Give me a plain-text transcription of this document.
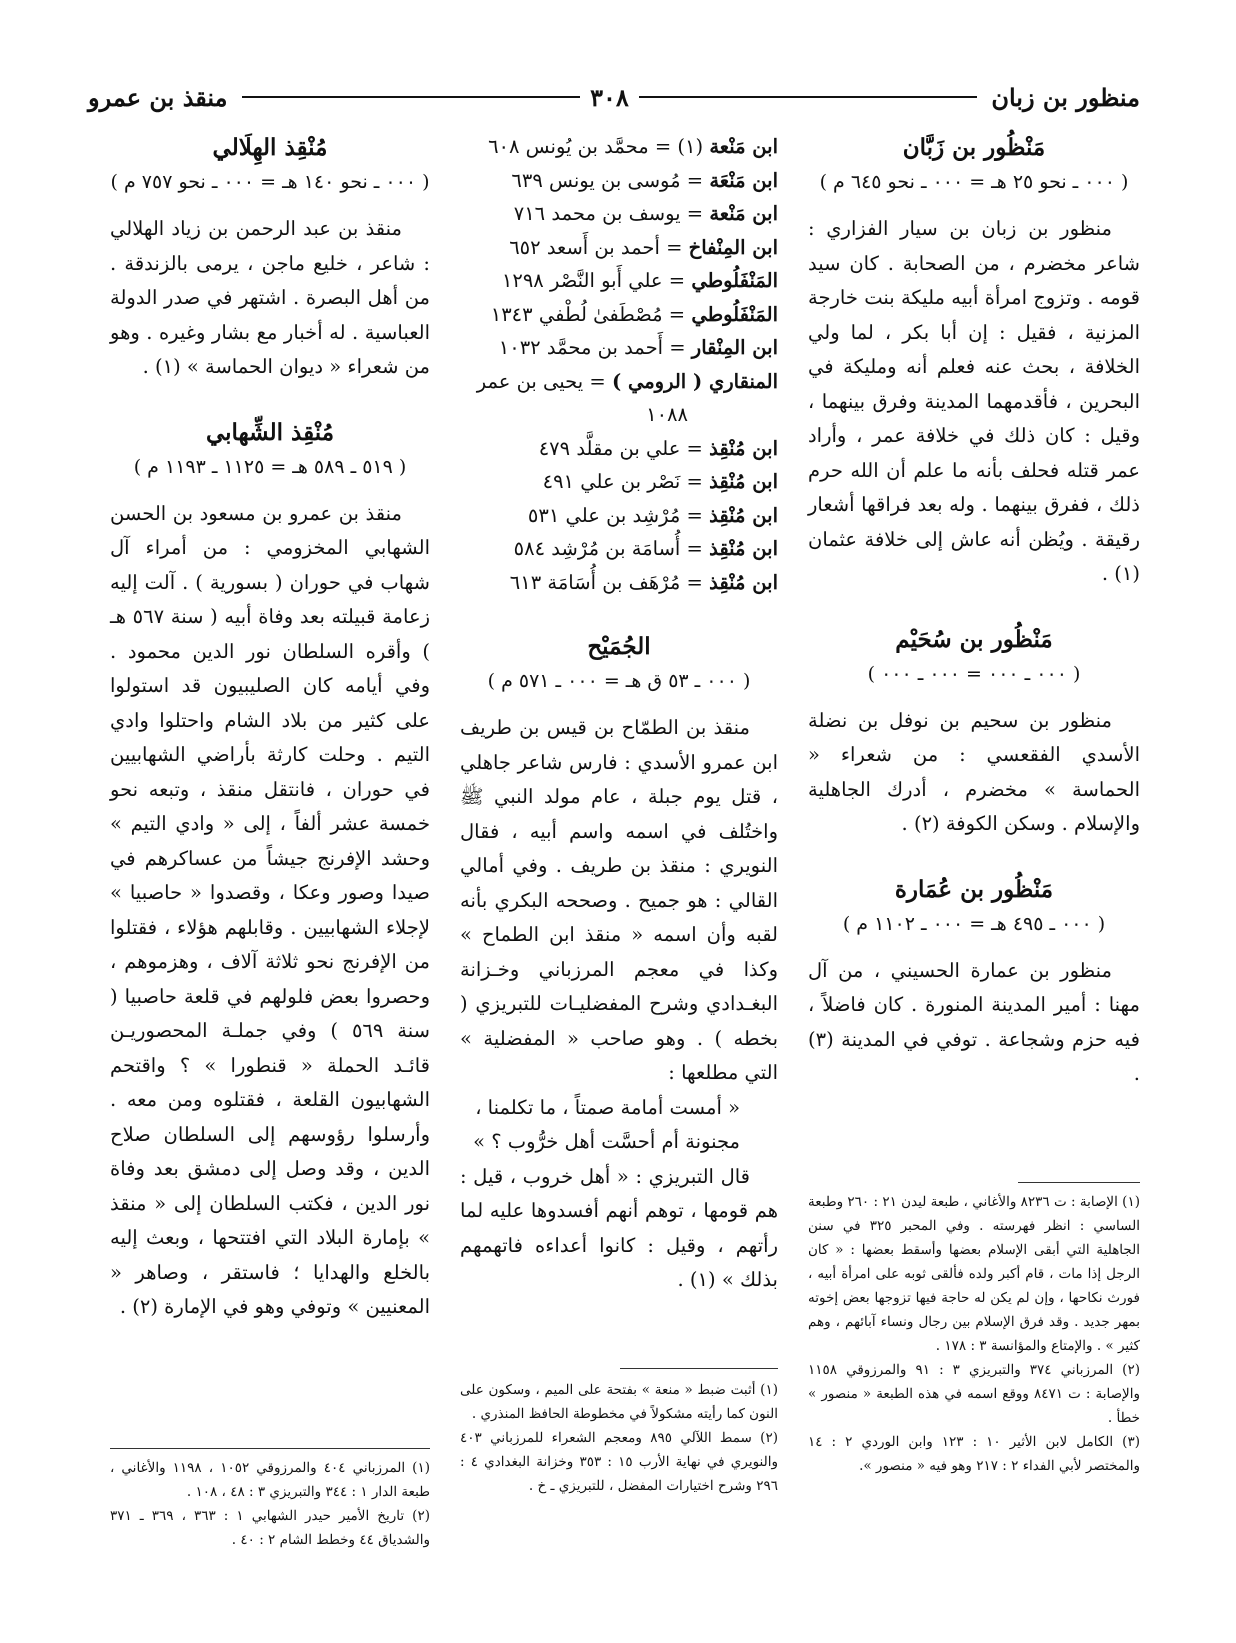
منظور بن زبان
٣٠٨
منقذ بن عمرو

مَنْظُور بن زَبَّان

( ٠٠٠ ـ نحو ٢٥ هـ = ٠٠٠ ـ نحو ٦٤٥ م )

منظور بن زبان بن سيار الفزاري : شاعر مخضرم ، من الصحابة . كان سيد قومه . وتزوج امرأة أبيه مليكة بنت خارجة المزنية ، فقيل : إن أبا بكر ، لما ولي الخلافة ، بحث عنه فعلم أنه ومليكة في البحرين ، فأقدمهما المدينة وفرق بينهما ، وقيل : كان ذلك في خلافة عمر ، وأراد عمر قتله فحلف بأنه ما علم أن الله حرم ذلك ، ففرق بينهما . وله بعد فراقها أشعار رقيقة . ويُظن أنه عاش إلى خلافة عثمان (١) .

مَنْظُور بن سُحَيْم

( ٠٠٠ ـ ٠٠٠ = ٠٠٠ ـ ٠٠٠ )

منظور بن سحيم بن نوفل بن نضلة الأسدي الفقعسي : من شعراء « الحماسة » مخضرم ، أدرك الجاهلية والإسلام . وسكن الكوفة (٢) .

مَنْظُور بن عُمَارة

( ٠٠٠ ـ ٤٩٥ هـ = ٠٠٠ ـ ١١٠٢ م )

منظور بن عمارة الحسيني ، من آل مهنا : أمير المدينة المنورة . كان فاضلاً ، فيه حزم وشجاعة . توفي في المدينة (٣) .

(١) الإصابة : ت ٨٢٣٦ والأغاني ، طبعة ليدن ٢١ : ٢٦٠ وطبعة الساسي : انظر فهرسته . وفي المحبر ٣٢٥ في سنن الجاهلية التي أبقى الإسلام بعضها وأسقط بعضها : « كان الرجل إذا مات ، قام أكبر ولده فألقى ثوبه على امرأة أبيه ، فورث نكاحها ، وإن لم يكن له حاجة فيها تزوجها بعض إخوته بمهر جديد . وقد فرق الإسلام بين رجال ونساء آبائهم ، وهم كثير » . والإمتاع والمؤانسة ٣ : ١٧٨ .

(٢) المرزباني ٣٧٤ والتبريزي ٣ : ٩١ والمرزوقي ١١٥٨ والإصابة : ت ٨٤٧١ ووقع اسمه في هذه الطبعة « منصور » خطأ .

(٣) الكامل لابن الأثير ١٠ : ١٢٣ وابن الوردي ٢ : ١٤ والمختصر لأبي الفداء ٢ : ٢١٧ وهو فيه « منصور ».

ابن مَنْعة (١) = محمَّد بن يُونس ٦٠٨

ابن مَنْعَة = مُوسى بن يونس ٦٣٩

ابن مَنْعة = يوسف بن محمد ٧١٦

ابن المِنْفاخ = أحمد بن أَسعد ٦٥٢

المَنْفَلُوطي = علي أَبو النَّصْر ١٢٩٨

المَنْفَلُوطي = مُصْطَفىٰ لُطْفي ١٣٤٣

ابن المِنْقار = أَحمد بن محمَّد ١٠٣٢

المنقاري ( الرومي ) = يحيى بن عمر

١٠٨٨

ابن مُنْقِذ = علي بن مقلَّد ٤٧٩

ابن مُنْقِذ = نَصْر بن علي ٤٩١

ابن مُنْقِذ = مُرْشِد بن علي ٥٣١

ابن مُنْقِذ = أُسامَة بن مُرْشِد ٥٨٤

ابن مُنْقِذ = مُرْهَف بن أُسَامَة ٦١٣

الجُمَيْح

( ٠٠٠ ـ ٥٣ ق هـ = ٠٠٠ ـ ٥٧١ م )

منقذ بن الطمّاح بن قيس بن طريف ابن عمرو الأسدي : فارس شاعر جاهلي ، قتل يوم جبلة ، عام مولد النبي ﷺ واختُلف في اسمه واسم أبيه ، فقال النويري : منقذ بن طريف . وفي أمالي القالي : هو جميح . وصححه البكري بأنه لقبه وأن اسمه « منقذ ابن الطماح » وكذا في معجم المرزباني وخـزانة البغـدادي وشرح المفضليـات للتبريزي ( بخطه ) . وهو صاحب « المفضلية » التي مطلعها :

« أمست أمامة صمتاً ، ما تكلمنا ،

مجنونة أم أحسَّت أهل خرُّوب ؟ »

قال التبريزي : « أهل خروب ، قيل : هم قومها ، توهم أنهم أفسدوها عليه لما رأتهم ، وقيل : كانوا أعداءه فاتهمهم بذلك » (١) .

(١) أثبت ضبط « منعة » بفتحة على الميم ، وسكون على النون كما رأيته مشكولاً في مخطوطة الحافظ المنذري .

(٢) سمط اللآلي ٨٩٥ ومعجم الشعراء للمرزباني ٤٠٣ والنويري في نهاية الأرب ١٥ : ٣٥٣ وخزانة البغدادي ٤ : ٢٩٦ وشرح اختيارات المفضل ، للتبريزي ـ خ .

مُنْقِذ الهِلَالي

( ٠٠٠ ـ نحو ١٤٠ هـ = ٠٠٠ ـ نحو ٧٥٧ م )

منقذ بن عبد الرحمن بن زياد الهلالي : شاعر ، خليع ماجن ، يرمى بالزندقة . من أهل البصرة . اشتهر في صدر الدولة العباسية . له أخبار مع بشار وغيره . وهو من شعراء « ديوان الحماسة » (١) .

مُنْقِذ الشِّهابي

( ٥١٩ ـ ٥٨٩ هـ = ١١٢٥ ـ ١١٩٣ م )

منقذ بن عمرو بن مسعود بن الحسن الشهابي المخزومي : من أمراء آل شهاب في حوران ( بسورية ) . آلت إليه زعامة قبيلته بعد وفاة أبيه ( سنة ٥٦٧ هـ ) وأقره السلطان نور الدين محمود . وفي أيامه كان الصليبيون قد استولوا على كثير من بلاد الشام واحتلوا وادي التيم . وحلت كارثة بأراضي الشهابيين في حوران ، فانتقل منقذ ، وتبعه نحو خمسة عشر ألفاً ، إلى « وادي التيم » وحشد الإفرنج جيشاً من عساكرهم في صيدا وصور وعكا ، وقصدوا « حاصبيا » لإجلاء الشهابيين . وقابلهم هؤلاء ، فقتلوا من الإفرنج نحو ثلاثة آلاف ، وهزموهم ، وحصروا بعض فلولهم في قلعة حاصبيا ( سنة ٥٦٩ ) وفي جملـة المحصوريـن قائـد الحملة « قنطورا » ؟ واقتحم الشهابيون القلعة ، فقتلوه ومن معه . وأرسلوا رؤوسهم إلى السلطان صلاح الدين ، وقد وصل إلى دمشق بعد وفاة نور الدين ، فكتب السلطان إلى « منقذ » بإمارة البلاد التي افتتحها ، وبعث إليه بالخلع والهدايا ؛ فاستقر ، وصاهر « المعنيين » وتوفي وهو في الإمارة (٢) .

(١) المرزباني ٤٠٤ والمرزوقي ١٠٥٢ ، ١١٩٨ والأغاني ، طبعة الدار ١ : ٣٤٤ والتبريزي ٣ : ٤٨ ، ١٠٨ .

(٢) تاريخ الأمير حيدر الشهابي ١ : ٣٦٣ ، ٣٦٩ ـ ٣٧١ والشدياق ٤٤ وخطط الشام ٢ : ٤٠ .
